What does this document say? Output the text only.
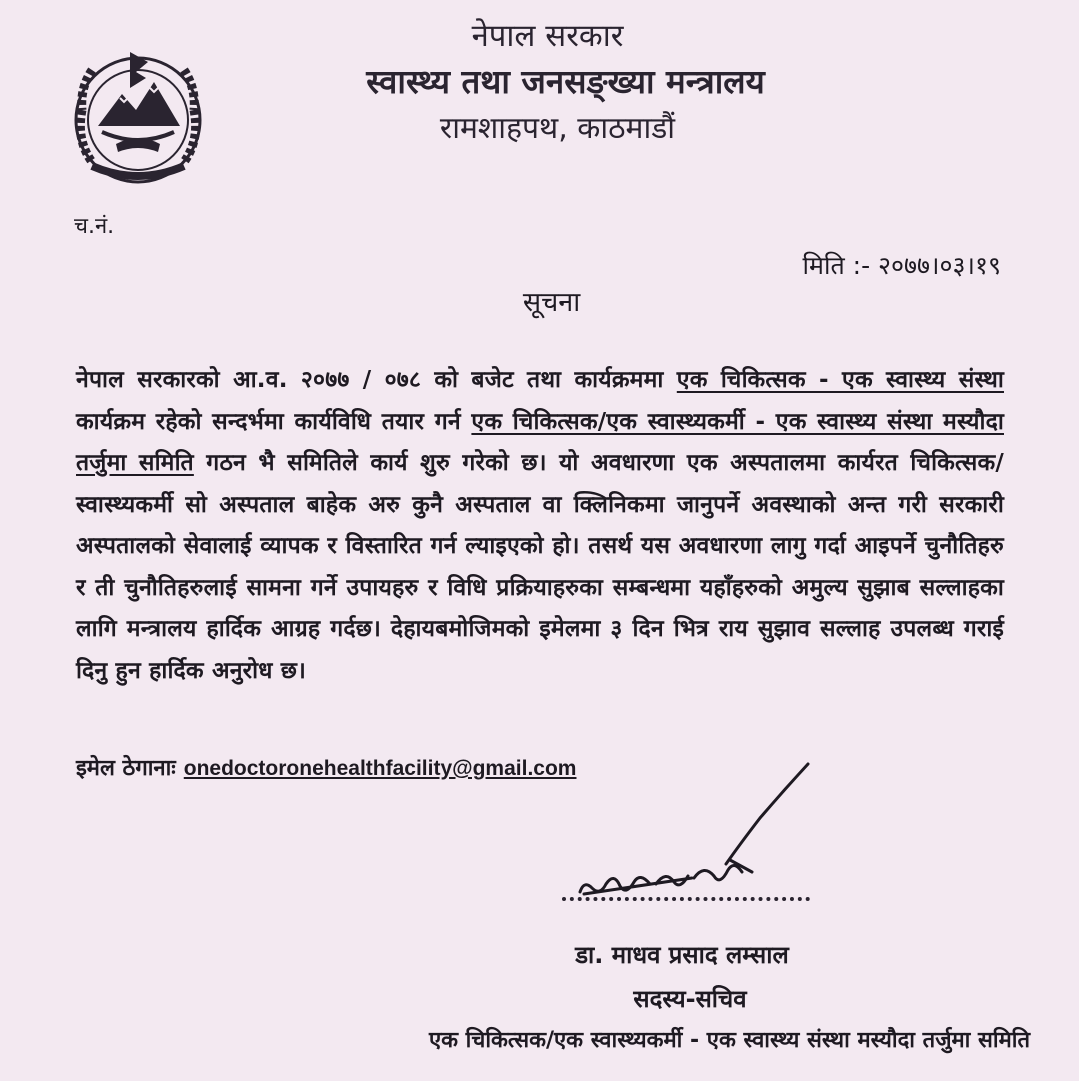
नेपाल सरकार
स्वास्थ्य तथा जनसङ्ख्या मन्त्रालय
रामशाहपथ, काठमाडौं
च.नं.
मिति :- २०७७।०३।१९
सूचना
नेपाल सरकारको आ.व. २०७७ / ०७८ को बजेट तथा कार्यक्रममा एक चिकित्सक - एक स्वास्थ्य संस्था कार्यक्रम रहेको सन्दर्भमा कार्यविधि तयार गर्न एक चिकित्सक/एक स्वास्थ्यकर्मी - एक स्वास्थ्य संस्था मस्यौदा तर्जुमा समिति गठन भै समितिले कार्य शुरु गरेको छ। यो अवधारणा एक अस्पतालमा कार्यरत चिकित्सक/स्वास्थ्यकर्मी सो अस्पताल बाहेक अरु कुनै अस्पताल वा क्लिनिकमा जानुपर्ने अवस्थाको अन्त गरी सरकारी अस्पतालको सेवालाई व्यापक र विस्तारित गर्न ल्याइएको हो। तसर्थ यस अवधारणा लागु गर्दा आइपर्ने चुनौतिहरु र ती चुनौतिहरुलाई सामना गर्ने उपायहरु र विधि प्रक्रियाहरुका सम्बन्धमा यहाँहरुको अमुल्य सुझाब सल्लाहका लागि मन्त्रालय हार्दिक आग्रह गर्दछ। देहायबमोजिमको इमेलमा ३ दिन भित्र राय सुझाव सल्लाह उपलब्ध गराई दिनु हुन हार्दिक अनुरोध छ।
इमेल ठेगानाः onedoctoronehealthfacility@gmail.com
डा. माधव प्रसाद लम्साल
सदस्य-सचिव
एक चिकित्सक/एक स्वास्थ्यकर्मी - एक स्वास्थ्य संस्था मस्यौदा तर्जुमा समिति
